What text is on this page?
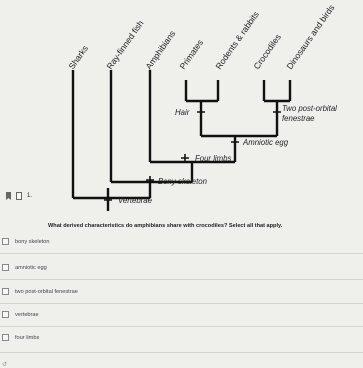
Sharks Ray-finned fish
Amphibians Primates Rodents & rabbits
Crocodiles Dinosaurs and birds
Hair	Two post-orbital
fenestrae
Amniotic egg
Four limbs
Bony skeleton
Vertebrae
1.
What derived characteristics do amphibians share with crocodiles? Select all that apply.
bony skeleton
amniotic egg
two post-orbital fenestrae
vertebrae
four limbs
↺
